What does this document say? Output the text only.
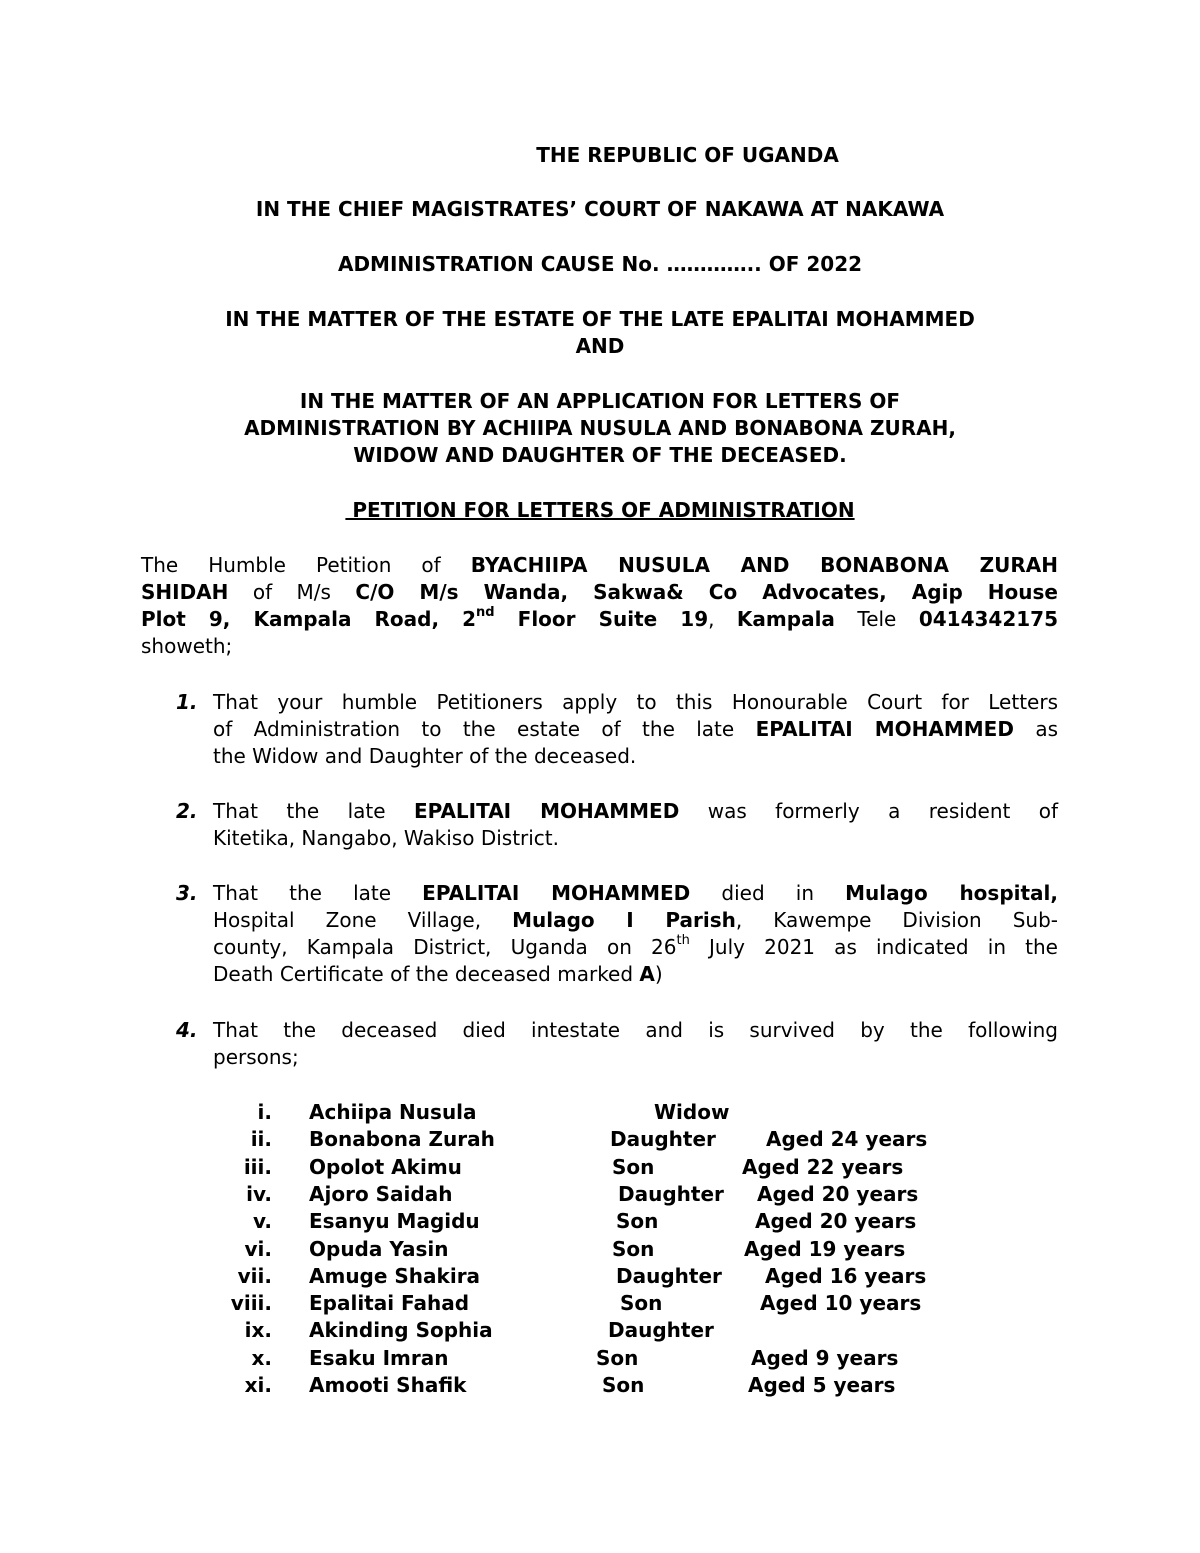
THE REPUBLIC OF UGANDA

IN THE CHIEF MAGISTRATES’ COURT OF NAKAWA AT NAKAWA

ADMINISTRATION CAUSE No. ………….. OF 2022

IN THE MATTER OF THE ESTATE OF THE LATE EPALITAI MOHAMMED
AND

IN THE MATTER OF AN APPLICATION FOR LETTERS OF
ADMINISTRATION BY ACHIIPA NUSULA AND BONABONA ZURAH,
WIDOW AND DAUGHTER OF THE DECEASED.

PETITION FOR LETTERS OF ADMINISTRATION

The Humble Petition of BYACHIIPA NUSULA AND BONABONA ZURAH
SHIDAH of M/s C/O M/s Wanda, Sakwa& Co Advocates, Agip House
Plot 9, Kampala Road, 2nd Floor Suite 19, Kampala Tele 0414342175
showeth;

1. That your humble Petitioners apply to this Honourable Court for Letters
of Administration to the estate of the late EPALITAI MOHAMMED as
the Widow and Daughter of the deceased.
2. That the late EPALITAI MOHAMMED was formerly a resident of
Kitetika, Nangabo, Wakiso District.
3. That the late EPALITAI MOHAMMED died in Mulago hospital,
Hospital Zone Village, Mulago I Parish, Kawempe Division Sub-
county, Kampala District, Uganda on 26th July 2021 as indicated in the
Death Certificate of the deceased marked A)
4. That the deceased died intestate and is survived by the following
persons;
i. Achiipa Nusula	Widow
ii. Bonabona Zurah	Daughter	Aged 24 years
iii. Opolot Akimu	Son	Aged 22 years
iv. Ajoro Saidah	Daughter Aged 20 years
v. Esanyu Magidu	Son	Aged 20 years
vi. Opuda Yasin	Son	Aged 19 years
vii. Amuge Shakira	Daughter Aged 16 years
viii. Epalitai Fahad	Son	Aged 10 years
ix. Akinding Sophia	Daughter
x. Esaku Imran	Son	Aged 9 years
xi. Amooti Shafik	Son	Aged 5 years
